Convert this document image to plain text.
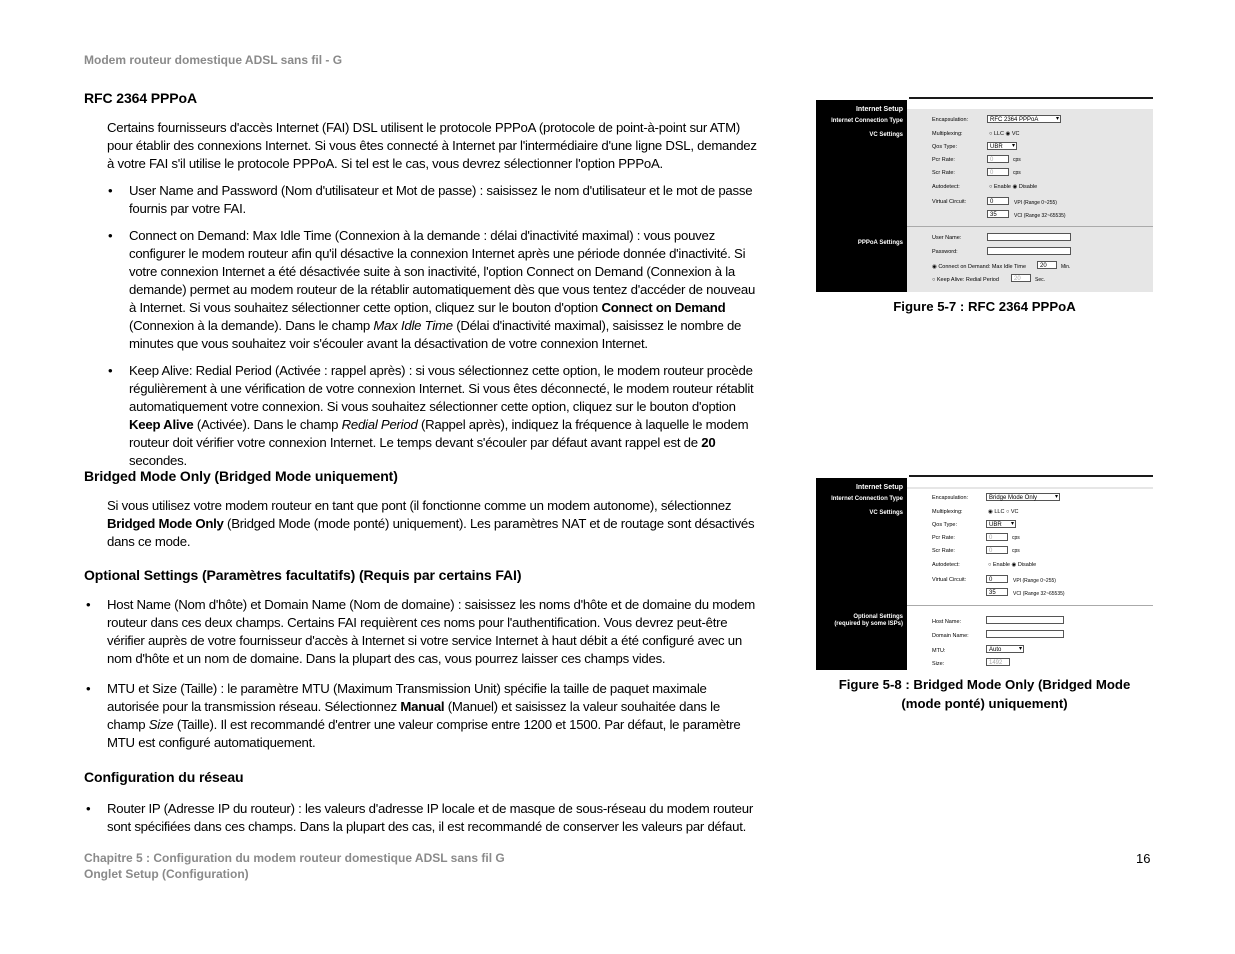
Modem routeur domestique ADSL sans fil - G
RFC 2364 PPPoA
Certains fournisseurs d'accès Internet (FAI) DSL utilisent le protocole PPPoA (protocole de point-à-point sur ATM) pour établir des connexions Internet. Si vous êtes connecté à Internet par l'intermédiaire d'une ligne DSL, demandez à votre FAI s'il utilise le protocole PPPoA. Si tel est le cas, vous devrez sélectionner l'option PPPoA.
• User Name and Password (Nom d'utilisateur et Mot de passe) : saisissez le nom d'utilisateur et le mot de passe fournis par votre FAI.
• Connect on Demand: Max Idle Time (Connexion à la demande : délai d'inactivité maximal) : vous pouvez configurer le modem routeur afin qu'il désactive la connexion Internet après une période donnée d'inactivité. Si votre connexion Internet a été désactivée suite à son inactivité, l'option Connect on Demand (Connexion à la demande) permet au modem routeur de la rétablir automatiquement dès que vous tentez d'accéder de nouveau à Internet. Si vous souhaitez sélectionner cette option, cliquez sur le bouton d'option Connect on Demand (Connexion à la demande). Dans le champ Max Idle Time (Délai d'inactivité maximal), saisissez le nombre de minutes que vous souhaitez voir s'écouler avant la désactivation de votre connexion Internet.
• Keep Alive: Redial Period (Activée : rappel après) : si vous sélectionnez cette option, le modem routeur procède régulièrement à une vérification de votre connexion Internet. Si vous êtes déconnecté, le modem routeur rétablit automatiquement votre connexion. Si vous souhaitez sélectionner cette option, cliquez sur le bouton d'option Keep Alive (Activée). Dans le champ Redial Period (Rappel après), indiquez la fréquence à laquelle le modem routeur doit vérifier votre connexion Internet. Le temps devant s'écouler par défaut avant rappel est de 20 secondes.
Bridged Mode Only (Bridged Mode uniquement)
Si vous utilisez votre modem routeur en tant que pont (il fonctionne comme un modem autonome), sélectionnez Bridged Mode Only (Bridged Mode (mode ponté) uniquement). Les paramètres NAT et de routage sont désactivés dans ce mode.
Optional Settings (Paramètres facultatifs) (Requis par certains FAI)
• Host Name (Nom d'hôte) et Domain Name (Nom de domaine) : saisissez les noms d'hôte et de domaine du modem routeur dans ces deux champs. Certains FAI requièrent ces noms pour l'authentification. Vous devrez peut-être vérifier auprès de votre fournisseur d'accès à Internet si votre service Internet à haut débit a été configuré avec un nom d'hôte et un nom de domaine. Dans la plupart des cas, vous pourrez laisser ces champs vides.
• MTU et Size (Taille) : le paramètre MTU (Maximum Transmission Unit) spécifie la taille de paquet maximale autorisée pour la transmission réseau. Sélectionnez Manual (Manuel) et saisissez la valeur souhaitée dans le champ Size (Taille). Il est recommandé d'entrer une valeur comprise entre 1200 et 1500. Par défaut, le paramètre MTU est configuré automatiquement.
Configuration du réseau
• Router IP (Adresse IP du routeur) : les valeurs d'adresse IP locale et de masque de sous-réseau du modem routeur sont spécifiées dans ces champs. Dans la plupart des cas, il est recommandé de conserver les valeurs par défaut.
Internet Setup
Internet Connection Type
VC Settings
PPPoA Settings
Encapsulation:	RFC 2364 PPPoA ▾
Multiplexing:	○ LLC ◉ VC
Qos Type:	UBR ▾
Pcr Rate:	0	cps
Scr Rate:	0	cps
Autodetect:	○ Enable ◉ Disable
Virtual Circuit:	0	VPI (Range 0~255)
35	VCI (Range 32~65535)
User Name:
Password:
◉ Connect on Demand: Max Idle Time	20	Min.
○ Keep Alive: Redial Period	20	Sec.
Figure 5-7 : RFC 2364 PPPoA
Internet Setup
Internet Connection Type
VC Settings
Optional Settings
(required by some ISPs)
Encapsulation:	Bridge Mode Only ▾
Multiplexing:	◉ LLC ○ VC
Qos Type:	UBR ▾
Pcr Rate:	0	cps
Scr Rate:	0	cps
Autodetect:	○ Enable ◉ Disable
Virtual Circuit:	0	VPI (Range 0~255)
35	VCI (Range 32~65535)
Host Name:
Domain Name:
MTU:	Auto ▾
Size:	1492
Figure 5-8 : Bridged Mode Only (Bridged Mode
(mode ponté) uniquement)
Chapitre 5 : Configuration du modem routeur domestique ADSL sans fil G
Onglet Setup (Configuration)
16
